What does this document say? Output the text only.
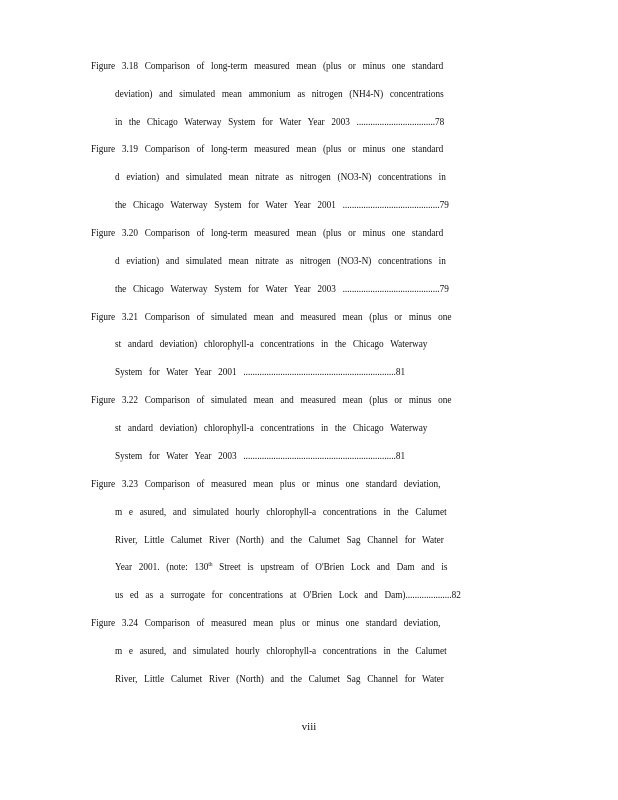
Figure 3.18 Comparison of long-term measured mean (plus or minus one standard
deviation) and simulated mean ammonium as nitrogen (NH4-N) concentrations
in the Chicago Waterway System for Water Year 2003 ..................................78
Figure 3.19 Comparison of long-term measured mean (plus or minus one standard
d eviation) and simulated mean nitrate as nitrogen (NO3-N) concentrations in
the Chicago Waterway System for Water Year 2001 ..........................................79
Figure 3.20 Comparison of long-term measured mean (plus or minus one standard
d eviation) and simulated mean nitrate as nitrogen (NO3-N) concentrations in
the Chicago Waterway System for Water Year 2003 ..........................................79
Figure 3.21 Comparison of simulated mean and measured mean (plus or minus one
st andard deviation) chlorophyll-a concentrations in the Chicago Waterway
System for Water Year 2001 ..................................................................81
Figure 3.22 Comparison of simulated mean and measured mean (plus or minus one
st andard deviation) chlorophyll-a concentrations in the Chicago Waterway
System for Water Year 2003 ..................................................................81
Figure 3.23 Comparison of measured mean plus or minus one standard deviation,
m e asured, and simulated hourly chlorophyll-a concentrations in the Calumet
River, Little Calumet River (North) and the Calumet Sag Channel for Water
Year 2001. (note: 130th Street is upstream of O'Brien Lock and Dam and is
us ed as a surrogate for concentrations at O'Brien Lock and Dam)....................82
Figure 3.24 Comparison of measured mean plus or minus one standard deviation,
m e asured, and simulated hourly chlorophyll-a concentrations in the Calumet
River, Little Calumet River (North) and the Calumet Sag Channel for Water
viii
